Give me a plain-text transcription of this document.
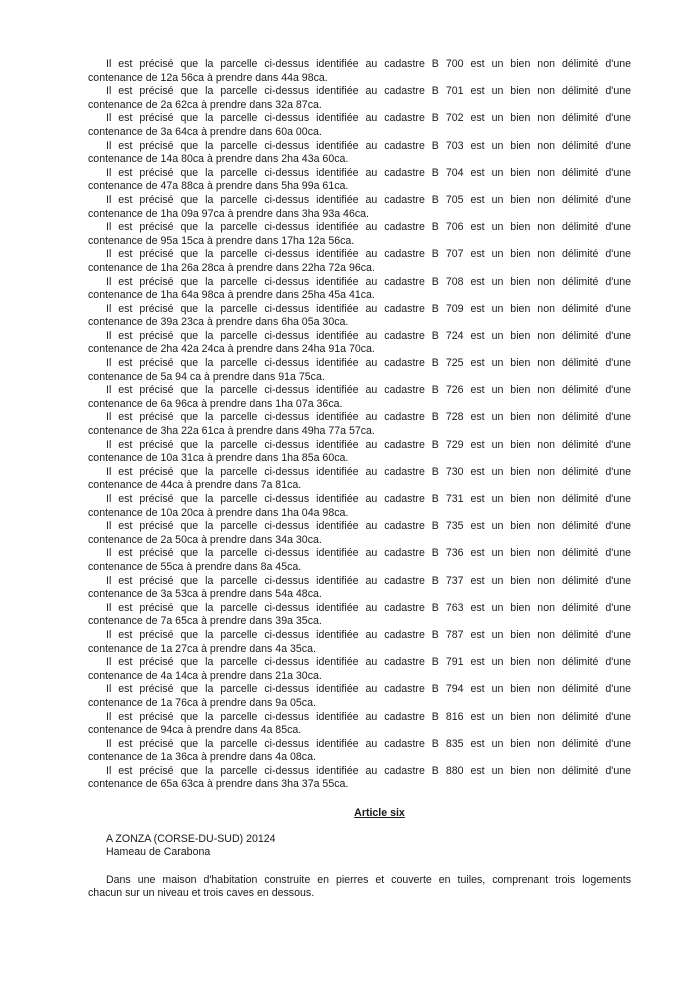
Il est précisé que la parcelle ci-dessus identifiée au cadastre B 700 est un bien non délimité d'une
contenance de 12a 56ca à prendre dans 44a 98ca.
Il est précisé que la parcelle ci-dessus identifiée au cadastre B 701 est un bien non délimité d'une
contenance de 2a 62ca à prendre dans 32a 87ca.
Il est précisé que la parcelle ci-dessus identifiée au cadastre B 702 est un bien non délimité d'une
contenance de 3a 64ca à prendre dans 60a 00ca.
Il est précisé que la parcelle ci-dessus identifiée au cadastre B 703 est un bien non délimité d'une
contenance de 14a 80ca à prendre dans 2ha 43a 60ca.
Il est précisé que la parcelle ci-dessus identifiée au cadastre B 704 est un bien non délimité d'une
contenance de 47a 88ca à prendre dans 5ha 99a 61ca.
Il est précisé que la parcelle ci-dessus identifiée au cadastre B 705 est un bien non délimité d'une
contenance de 1ha 09a 97ca à prendre dans 3ha 93a 46ca.
Il est précisé que la parcelle ci-dessus identifiée au cadastre B 706 est un bien non délimité d'une
contenance de 95a 15ca à prendre dans 17ha 12a 56ca.
Il est précisé que la parcelle ci-dessus identifiée au cadastre B 707 est un bien non délimité d'une
contenance de 1ha 26a 28ca à prendre dans 22ha 72a 96ca.
Il est précisé que la parcelle ci-dessus identifiée au cadastre B 708 est un bien non délimité d'une
contenance de 1ha 64a 98ca à prendre dans 25ha 45a 41ca.
Il est précisé que la parcelle ci-dessus identifiée au cadastre B 709 est un bien non délimité d'une
contenance de 39a 23ca à prendre dans 6ha 05a 30ca.
Il est précisé que la parcelle ci-dessus identifiée au cadastre B 724 est un bien non délimité d'une
contenance de 2ha 42a 24ca à prendre dans 24ha 91a 70ca.
Il est précisé que la parcelle ci-dessus identifiée au cadastre B 725 est un bien non délimité d'une
contenance de 5a 94 ca à prendre dans 91a 75ca.
Il est précisé que la parcelle ci-dessus identifiée au cadastre B 726 est un bien non délimité d'une
contenance de 6a 96ca à prendre dans 1ha 07a 36ca.
Il est précisé que la parcelle ci-dessus identifiée au cadastre B 728 est un bien non délimité d'une
contenance de 3ha 22a 61ca à prendre dans 49ha 77a 57ca.
Il est précisé que la parcelle ci-dessus identifiée au cadastre B 729 est un bien non délimité d'une
contenance de 10a 31ca à prendre dans 1ha 85a 60ca.
Il est précisé que la parcelle ci-dessus identifiée au cadastre B 730 est un bien non délimité d'une
contenance de 44ca à prendre dans 7a 81ca.
Il est précisé que la parcelle ci-dessus identifiée au cadastre B 731 est un bien non délimité d'une
contenance de 10a 20ca à prendre dans 1ha 04a 98ca.
Il est précisé que la parcelle ci-dessus identifiée au cadastre B 735 est un bien non délimité d'une
contenance de 2a 50ca à prendre dans 34a 30ca.
Il est précisé que la parcelle ci-dessus identifiée au cadastre B 736 est un bien non délimité d'une
contenance de 55ca à prendre dans 8a 45ca.
Il est précisé que la parcelle ci-dessus identifiée au cadastre B 737 est un bien non délimité d'une
contenance de 3a 53ca à prendre dans 54a 48ca.
Il est précisé que la parcelle ci-dessus identifiée au cadastre B 763 est un bien non délimité d'une
contenance de 7a 65ca à prendre dans 39a 35ca.
Il est précisé que la parcelle ci-dessus identifiée au cadastre B 787 est un bien non délimité d'une
contenance de 1a 27ca à prendre dans 4a 35ca.
Il est précisé que la parcelle ci-dessus identifiée au cadastre B 791 est un bien non délimité d'une
contenance de 4a 14ca à prendre dans 21a 30ca.
Il est précisé que la parcelle ci-dessus identifiée au cadastre B 794 est un bien non délimité d'une
contenance de 1a 76ca à prendre dans 9a 05ca.
Il est précisé que la parcelle ci-dessus identifiée au cadastre B 816 est un bien non délimité d'une
contenance de 94ca à prendre dans 4a 85ca.
Il est précisé que la parcelle ci-dessus identifiée au cadastre B 835 est un bien non délimité d'une
contenance de 1a 36ca à prendre dans 4a 08ca.
Il est précisé que la parcelle ci-dessus identifiée au cadastre B 880 est un bien non délimité d'une
contenance de 65a 63ca à prendre dans 3ha 37a 55ca.
Article six
A ZONZA (CORSE-DU-SUD) 20124
Hameau de Carabona
Dans une maison d'habitation construite en pierres et couverte en tuiles, comprenant trois logements
chacun sur un niveau et trois caves en dessous.
